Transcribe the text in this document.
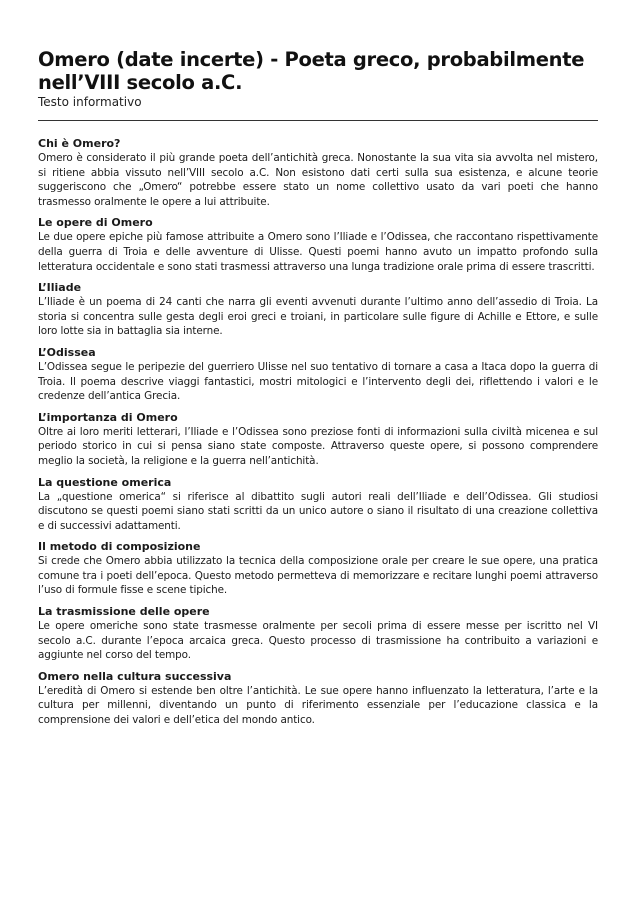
Omero (date incerte) - Poeta greco, probabilmente nell’VIII secolo a.C.
Testo informativo
Chi è Omero?

Omero è considerato il più grande poeta dell’antichità greca. Nonostante la sua vita sia avvolta nel mistero, si ritiene abbia vissuto nell’VIII secolo a.C. Non esistono dati certi sulla sua esistenza, e alcune teorie suggeriscono che „Omero“ potrebbe essere stato un nome collettivo usato da vari poeti che hanno trasmesso oralmente le opere a lui attribuite.

Le opere di Omero

Le due opere epiche più famose attribuite a Omero sono l’Iliade e l’Odissea, che raccontano rispettivamente della guerra di Troia e delle avventure di Ulisse. Questi poemi hanno avuto un impatto profondo sulla letteratura occidentale e sono stati trasmessi attraverso una lunga tradizione orale prima di essere trascritti.

L’Iliade

L’Iliade è un poema di 24 canti che narra gli eventi avvenuti durante l’ultimo anno dell’assedio di Troia. La storia si concentra sulle gesta degli eroi greci e troiani, in particolare sulle figure di Achille e Ettore, e sulle loro lotte sia in battaglia sia interne.

L’Odissea

L’Odissea segue le peripezie del guerriero Ulisse nel suo tentativo di tornare a casa a Itaca dopo la guerra di Troia. Il poema descrive viaggi fantastici, mostri mitologici e l’intervento degli dei, riflettendo i valori e le credenze dell’antica Grecia.

L’importanza di Omero

Oltre ai loro meriti letterari, l’Iliade e l’Odissea sono preziose fonti di informazioni sulla civiltà micenea e sul periodo storico in cui si pensa siano state composte. Attraverso queste opere, si possono comprendere meglio la società, la religione e la guerra nell’antichità.

La questione omerica

La „questione omerica“ si riferisce al dibattito sugli autori reali dell’Iliade e dell’Odissea. Gli studiosi discutono se questi poemi siano stati scritti da un unico autore o siano il risultato di una creazione collettiva e di successivi adattamenti.

Il metodo di composizione

Si crede che Omero abbia utilizzato la tecnica della composizione orale per creare le sue opere, una pratica comune tra i poeti dell’epoca. Questo metodo permetteva di memorizzare e recitare lunghi poemi attraverso l’uso di formule fisse e scene tipiche.

La trasmissione delle opere

Le opere omeriche sono state trasmesse oralmente per secoli prima di essere messe per iscritto nel VI secolo a.C. durante l’epoca arcaica greca. Questo processo di trasmissione ha contribuito a variazioni e aggiunte nel corso del tempo.

Omero nella cultura successiva

L’eredità di Omero si estende ben oltre l’antichità. Le sue opere hanno influenzato la letteratura, l’arte e la cultura per millenni, diventando un punto di riferimento essenziale per l’educazione classica e la comprensione dei valori e dell’etica del mondo antico.
